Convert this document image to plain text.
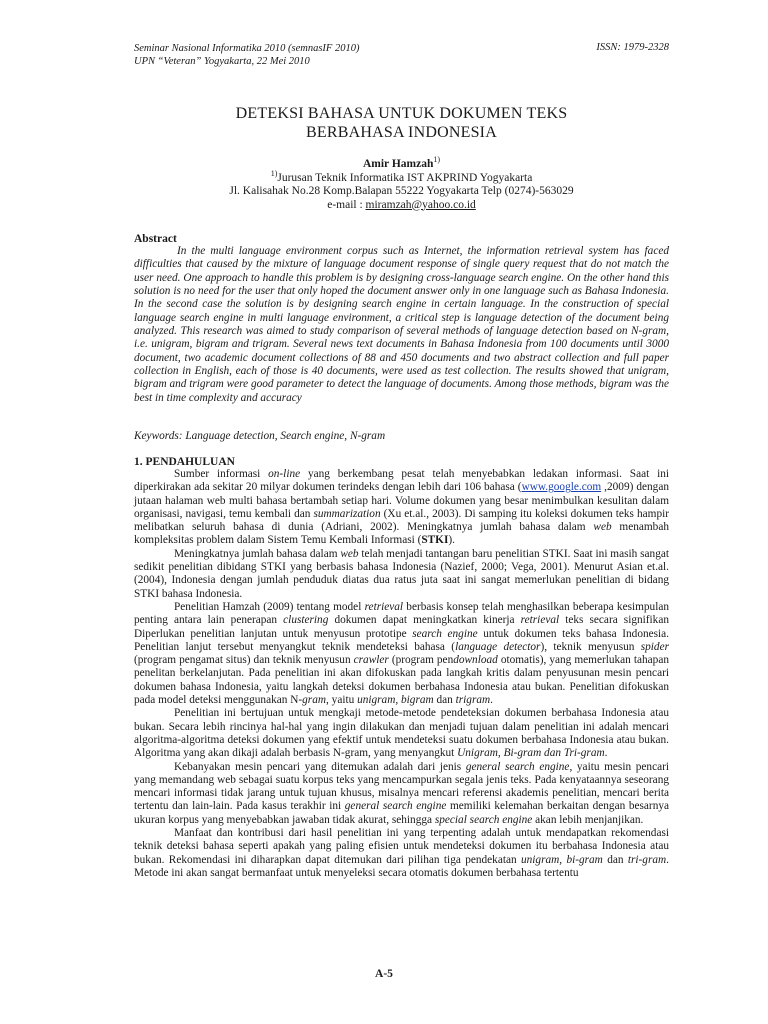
Seminar Nasional Informatika 2010 (semnasIF 2010)
UPN “Veteran” Yogyakarta, 22 Mei 2010
ISSN: 1979-2328
DETEKSI BAHASA UNTUK DOKUMEN TEKS
BERBAHASA INDONESIA
Amir Hamzah$^{1)}$
$^{1)}$Jurusan Teknik Informatika IST AKPRIND Yogyakarta
Jl. Kalisahak No.28 Komp.Balapan 55222 Yogyakarta Telp (0274)-563029
e-mail : miramzah@yahoo.co.id
Abstract

In the multi language environment corpus such as Internet, the information retrieval system has faced difficulties that caused by the mixture of language document response of single query request that do not match the user need. One approach to handle this problem is by designing cross-language search engine. On the other hand this solution is no need for the user that only hoped the document answer only in one language such as Bahasa Indonesia. In the second case the solution is by designing search engine in certain language. In the construction of special language search engine in multi language environment, a critical step is language detection of the document being analyzed. This research was aimed to study comparison of several methods of language detection based on N-gram, i.e. unigram, bigram and trigram. Several news text documents in Bahasa Indonesia from 100 documents until 3000 document, two academic document collections of 88 and 450 documents and two abstract collection and full paper collection in English, each of those is 40 documents, were used as test collection. The results showed that unigram, bigram and trigram were good parameter to detect the language of documents. Among those methods, bigram was the best in time complexity and accuracy

Keywords: Language detection, Search engine, N-gram
1. PENDAHULUAN

Sumber informasi on-line yang berkembang pesat telah menyebabkan ledakan informasi. Saat ini diperkirakan ada sekitar 20 milyar dokumen terindeks dengan lebih dari 106 bahasa (www.google.com ,2009) dengan jutaan halaman web multi bahasa bertambah setiap hari. Volume dokumen yang besar menimbulkan kesulitan dalam organisasi, navigasi, temu kembali dan summarization (Xu et.al., 2003). Di samping itu koleksi dokumen teks hampir melibatkan seluruh bahasa di dunia (Adriani, 2002). Meningkatnya jumlah bahasa dalam web menambah kompleksitas problem dalam Sistem Temu Kembali Informasi (STKI).

Meningkatnya jumlah bahasa dalam web telah menjadi tantangan baru penelitian STKI. Saat ini masih sangat sedikit penelitian dibidang STKI yang berbasis bahasa Indonesia (Nazief, 2000; Vega, 2001). Menurut Asian et.al.(2004), Indonesia dengan jumlah penduduk diatas dua ratus juta saat ini sangat memerlukan penelitian di bidang STKI bahasa Indonesia.

Penelitian Hamzah (2009) tentang model retrieval berbasis konsep telah menghasilkan beberapa kesimpulan penting antara lain penerapan clustering dokumen dapat meningkatkan kinerja retrieval teks secara signifikan Diperlukan penelitian lanjutan untuk menyusun prototipe search engine untuk dokumen teks bahasa Indonesia. Penelitian lanjut tersebut menyangkut teknik mendeteksi bahasa (language detector), teknik menyusun spider (program pengamat situs) dan teknik menyusun crawler (program pendownload otomatis), yang memerlukan tahapan penelitan berkelanjutan. Pada penelitian ini akan difokuskan pada langkah kritis dalam penyusunan mesin pencari dokumen bahasa Indonesia, yaitu langkah deteksi dokumen berbahasa Indonesia atau bukan. Penelitian difokuskan pada model deteksi menggunakan N-gram, yaitu unigram, bigram dan trigram.

Penelitian ini bertujuan untuk mengkaji metode-metode pendeteksian dokumen berbahasa Indonesia atau bukan. Secara lebih rincinya hal-hal yang ingin dilakukan dan menjadi tujuan dalam penelitian ini adalah mencari algoritma-algoritma deteksi dokumen yang efektif untuk mendeteksi suatu dokumen berbahasa Indonesia atau bukan. Algoritma yang akan dikaji adalah berbasis N-gram, yang menyangkut Unigram, Bi-gram dan Tri-gram.

Kebanyakan mesin pencari yang ditemukan adalah dari jenis general search engine, yaitu mesin pencari yang memandang web sebagai suatu korpus teks yang mencampurkan segala jenis teks. Pada kenyataannya seseorang mencari informasi tidak jarang untuk tujuan khusus, misalnya mencari referensi akademis penelitian, mencari berita tertentu dan lain-lain. Pada kasus terakhir ini general search engine memiliki kelemahan berkaitan dengan besarnya ukuran korpus yang menyebabkan jawaban tidak akurat, sehingga special search engine akan lebih menjanjikan.

Manfaat dan kontribusi dari hasil penelitian ini yang terpenting adalah untuk mendapatkan rekomendasi teknik deteksi bahasa seperti apakah yang paling efisien untuk mendeteksi dokumen itu berbahasa Indonesia atau bukan. Rekomendasi ini diharapkan dapat ditemukan dari pilihan tiga pendekatan unigram, bi-gram dan tri-gram. Metode ini akan sangat bermanfaat untuk menyeleksi secara otomatis dokumen berbahasa tertentu

A-5
